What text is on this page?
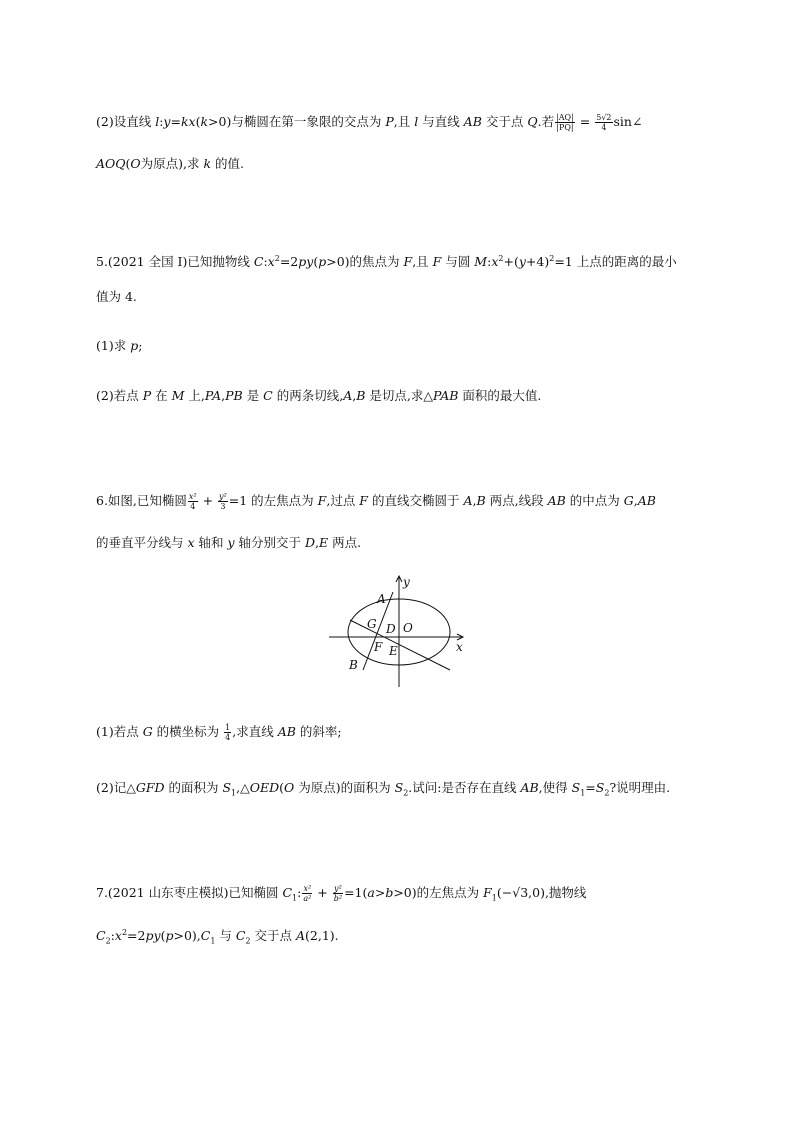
(2)设直线 l:y=kx(k>0)与椭圆在第一象限的交点为 P,且 l 与直线 AB 交于点 Q.若 $\frac{|AQ|}{|PQ|} = \frac{5√2}{4}$ sin∠
AOQ(O为原点),求 k 的值.
5.(2021 全国 Ⅰ)已知抛物线 $C:x^2=2py(p>0)$的焦点为 F,且 F 与圆 $M:x^2+(y+4)^2=1$ 上点的距离的最小
值为 4.
(1)求 p;
(2)若点 P 在 M 上,PA,PB 是 C 的两条切线,A,B 是切点,求△PAB 面积的最大值.
6.如图,已知椭圆 $\frac{\text{x²}}{4} + \frac{\text{y²}}{3} =1$ 的左焦点为 F,过点 F 的直线交椭圆于 A,B 两点,线段 AB 的中点为 G,AB
的垂直平分线与 x 轴和 y 轴分别交于 D,E 两点.
y
x
A
G D O
F E
B
(1)若点 G 的横坐标为 $\frac{1}{4}$ ,求直线 AB 的斜率;
(2)记△GFD 的面积为 $S_1,\triangle OED(O$ 为原点)的面积为 $S_2$.试问:是否存在直线 AB,使得 $S_1=S_2$?说明理由.
7.(2021 山东枣庄模拟)已知椭圆 $C_1$: $\frac{\text{x²}}{\text{a²}} + \frac{\text{y²}}{\text{b²}} =1(a>b>0)$的左焦点为 $F_1(-√3,0)$,抛物线
$C_2:x^2=2py(p>0),C_1$ 与 $C_2$ 交于点 A(2,1).
